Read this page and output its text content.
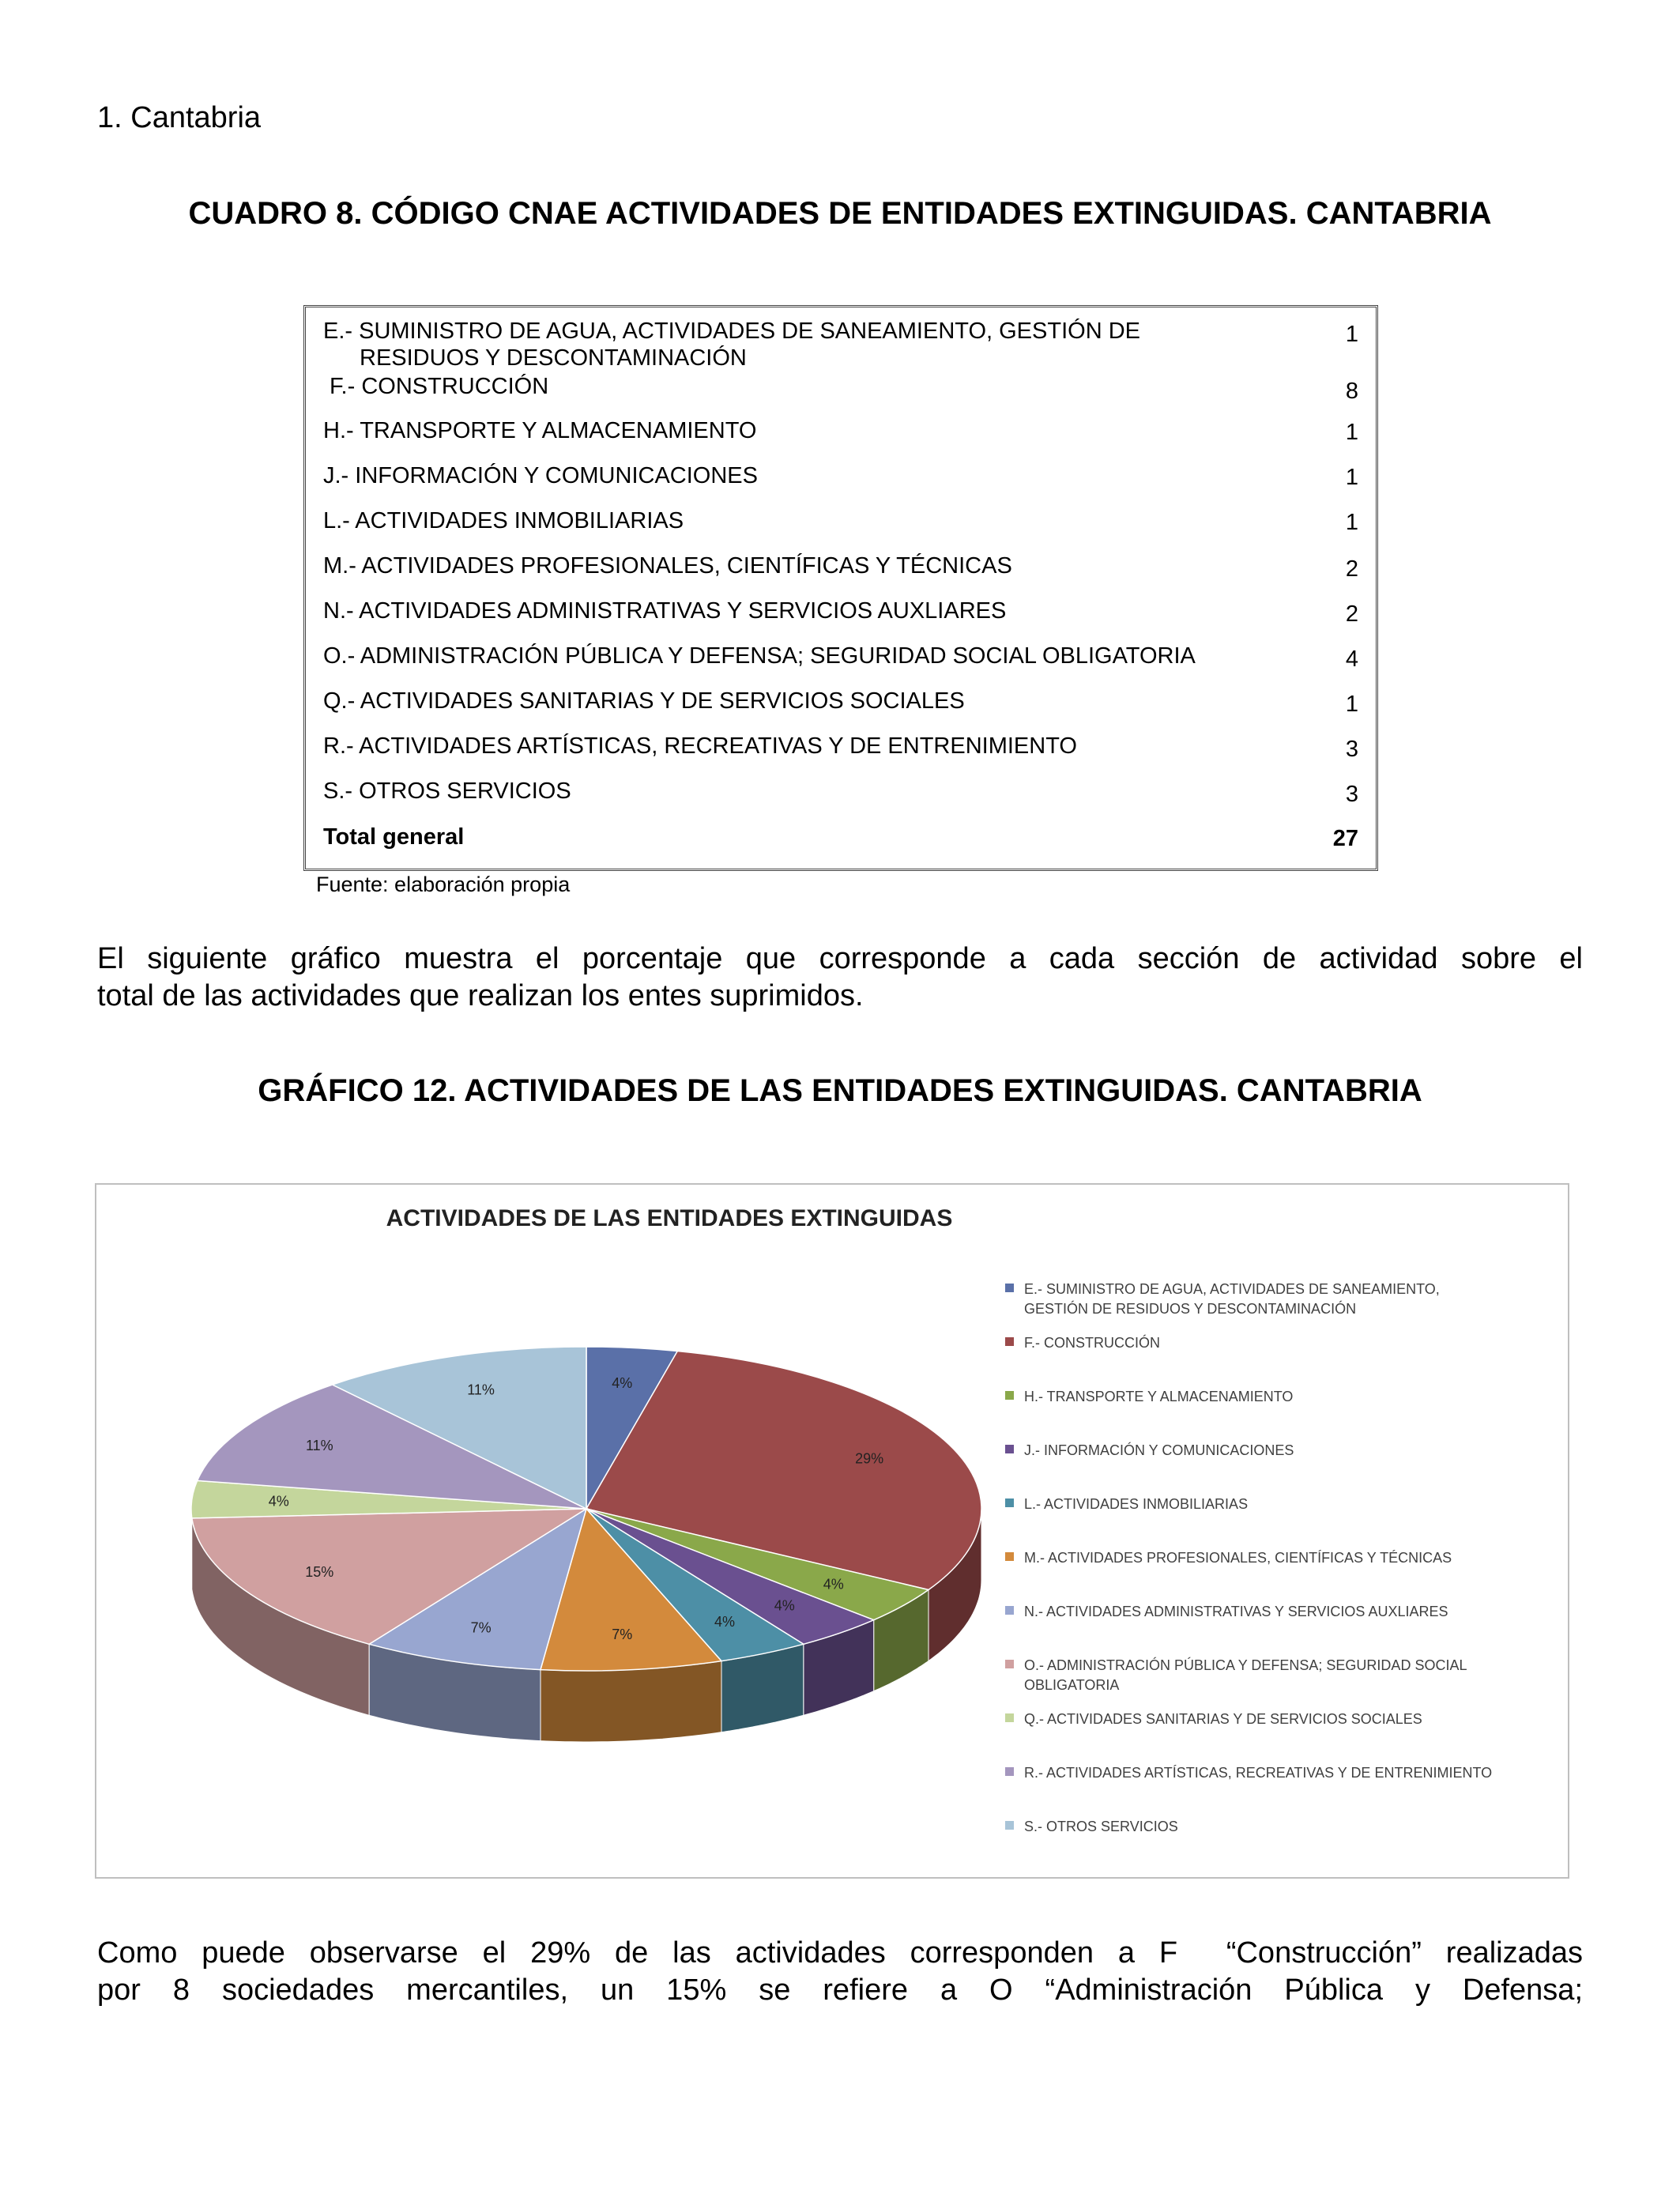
1. Cantabria
CUADRO 8. CÓDIGO CNAE ACTIVIDADES DE ENTIDADES EXTINGUIDAS. CANTABRIA
E.- SUMINISTRO DE AGUA, ACTIVIDADES DE SANEAMIENTO, GESTIÓN DE
RESIDUOS Y DESCONTAMINACIÓN
1
F.- CONSTRUCCIÓN	8
H.- TRANSPORTE Y ALMACENAMIENTO	1
J.- INFORMACIÓN Y COMUNICACIONES	1
L.- ACTIVIDADES INMOBILIARIAS	1
M.- ACTIVIDADES PROFESIONALES, CIENTÍFICAS Y TÉCNICAS	2
N.- ACTIVIDADES ADMINISTRATIVAS Y SERVICIOS AUXLIARES	2
O.- ADMINISTRACIÓN PÚBLICA Y DEFENSA; SEGURIDAD SOCIAL OBLIGATORIA	4
Q.- ACTIVIDADES SANITARIAS Y DE SERVICIOS SOCIALES	1
R.- ACTIVIDADES ARTÍSTICAS, RECREATIVAS Y DE ENTRENIMIENTO	3
S.- OTROS SERVICIOS	3
Total general	27
Fuente: elaboración propia
El siguiente gráfico muestra el porcentaje que corresponde a cada sección de actividad sobre el
total de las actividades que realizan los entes suprimidos.
GRÁFICO 12. ACTIVIDADES DE LAS ENTIDADES EXTINGUIDAS. CANTABRIA
ACTIVIDADES DE LAS ENTIDADES EXTINGUIDAS
4%
29%
4%
4%
4%
7%
7%
15%
4%
11%
11%
E.- SUMINISTRO DE AGUA, ACTIVIDADES DE SANEAMIENTO, GESTIÓN DE RESIDUOS Y DESCONTAMINACIÓN
F.- CONSTRUCCIÓN
H.- TRANSPORTE Y ALMACENAMIENTO
J.- INFORMACIÓN Y COMUNICACIONES
L.- ACTIVIDADES INMOBILIARIAS
M.- ACTIVIDADES PROFESIONALES, CIENTÍFICAS Y TÉCNICAS
N.- ACTIVIDADES ADMINISTRATIVAS Y SERVICIOS AUXLIARES
O.- ADMINISTRACIÓN PÚBLICA Y DEFENSA; SEGURIDAD SOCIAL OBLIGATORIA
Q.- ACTIVIDADES SANITARIAS Y DE SERVICIOS SOCIALES
R.- ACTIVIDADES ARTÍSTICAS, RECREATIVAS Y DE ENTRENIMIENTO
S.- OTROS SERVICIOS
Como puede observarse el 29% de las actividades corresponden a F  “Construcción” realizadas
por 8 sociedades mercantiles, un 15% se refiere a O “Administración Pública y Defensa;
